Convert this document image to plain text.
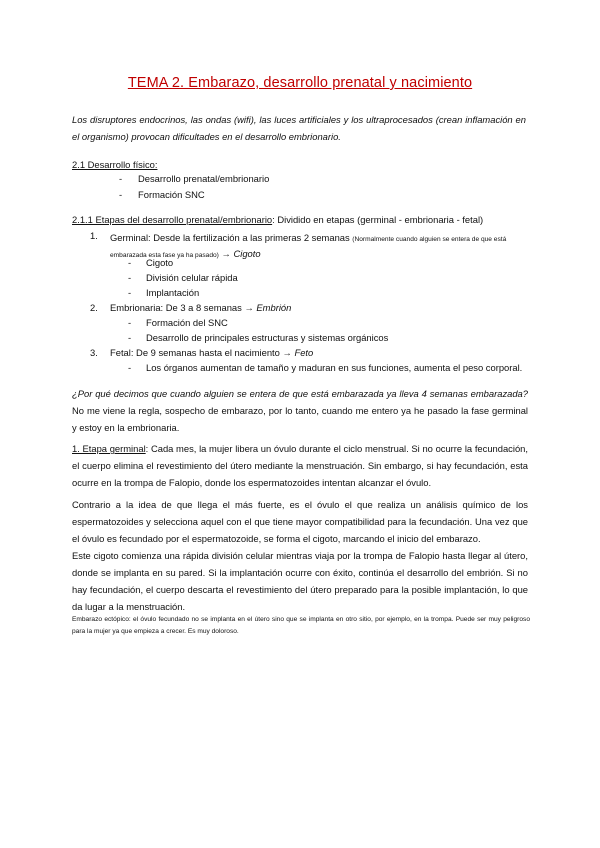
TEMA 2. Embarazo, desarrollo prenatal y nacimiento
Los disruptores endocrinos, las ondas (wifi), las luces artificiales y los ultraprocesados (crean inflamación en el organismo) provocan dificultades en el desarrollo embrionario.
2.1 Desarrollo físico:
- Desarrollo prenatal/embrionario
- Formación SNC
2.1.1 Etapas del desarrollo prenatal/embrionario: Dividido en etapas (germinal - embrionaria - fetal)
1. Germinal: Desde la fertilización a las primeras 2 semanas (Normalmente cuando alguien se entera de que está embarazada esta fase ya ha pasado) → Cigoto
- Cigoto
- División celular rápida
- Implantación
2. Embrionaria: De 3 a 8 semanas → Embrión
- Formación del SNC
- Desarrollo de principales estructuras y sistemas orgánicos
3. Fetal: De 9 semanas hasta el nacimiento → Feto
- Los órganos aumentan de tamaño y maduran en sus funciones, aumenta el peso corporal.
¿Por qué decimos que cuando alguien se entera de que está embarazada ya lleva 4 semanas embarazada? No me viene la regla, sospecho de embarazo, por lo tanto, cuando me entero ya he pasado la fase germinal y estoy en la embrionaria.
1. Etapa germinal: Cada mes, la mujer libera un óvulo durante el ciclo menstrual. Si no ocurre la fecundación, el cuerpo elimina el revestimiento del útero mediante la menstruación. Sin embargo, si hay fecundación, esta ocurre en la trompa de Falopio, donde los espermatozoides intentan alcanzar el óvulo.
Contrario a la idea de que llega el más fuerte, es el óvulo el que realiza un análisis químico de los espermatozoides y selecciona aquel con el que tiene mayor compatibilidad para la fecundación. Una vez que el óvulo es fecundado por el espermatozoide, se forma el cigoto, marcando el inicio del embarazo.
Este cigoto comienza una rápida división celular mientras viaja por la trompa de Falopio hasta llegar al útero, donde se implanta en su pared. Si la implantación ocurre con éxito, continúa el desarrollo del embrión. Si no hay fecundación, el cuerpo descarta el revestimiento del útero preparado para la posible implantación, lo que da lugar a la menstruación.
Embarazo ectópico: el óvulo fecundado no se implanta en el útero sino que se implanta en otro sitio, por ejemplo, en la trompa. Puede ser muy peligroso para la mujer ya que empieza a crecer. Es muy doloroso.
